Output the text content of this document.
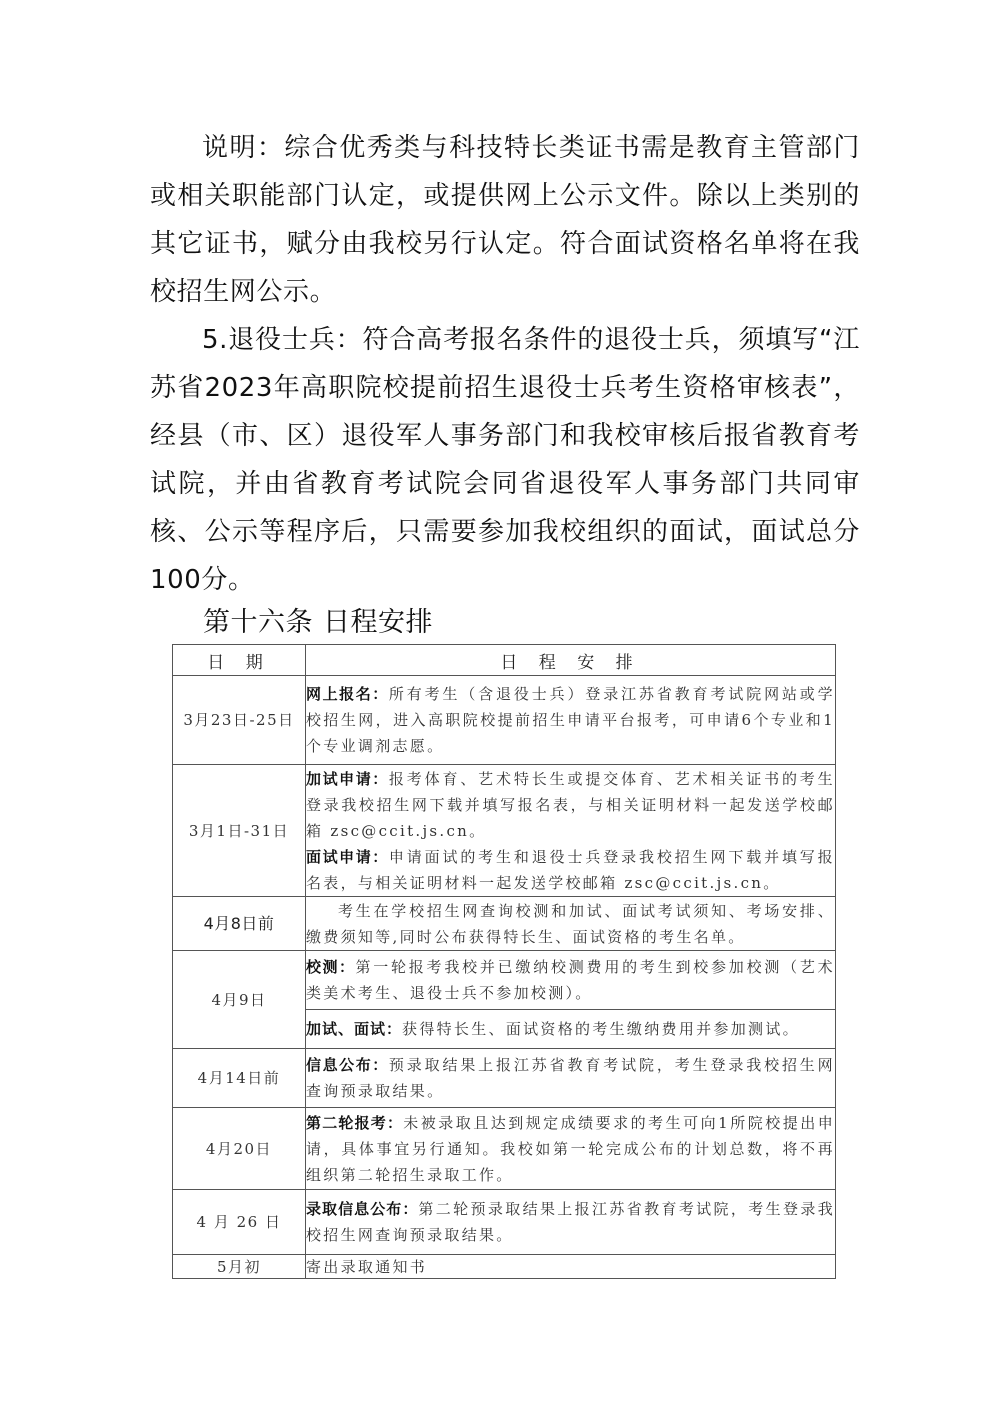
说明：综合优秀类与科技特长类证书需是教育主管部门或相关职能部门认定，或提供网上公示文件。除以上类别的其它证书，赋分由我校另行认定。符合面试资格名单将在我校招生网公示。

5.退役士兵：符合高考报名条件的退役士兵，须填写“江苏省2023年高职院校提前招生退役士兵考生资格审核表”，经县（市、区）退役军人事务部门和我校审核后报省教育考试院，并由省教育考试院会同省退役军人事务部门共同审核、公示等程序后，只需要参加我校组织的面试，面试总分 100分。

第十六条 日程安排
日 期	日 程 安 排
3月23日-25日	网上报名：所有考生（含退役士兵）登录江苏省教育考试院网站或学校招生网，进入高职院校提前招生申请平台报考，可申请6个专业和1个专业调剂志愿。
3月1日-31日	加试申请：报考体育、艺术特长生或提交体育、艺术相关证书的考生登录我校招生网下载并填写报名表，与相关证明材料一起发送学校邮箱 zsc@ccit.js.cn。
面试申请：申请面试的考生和退役士兵登录我校招生网下载并填写报名表，与相关证明材料一起发送学校邮箱 zsc@ccit.js.cn。

4月8日前	考生在学校招生网查询校测和加试、面试考试须知、考场安排、缴费须知等,同时公布获得特长生、面试资格的考生名单。

4月9日	校测：第一轮报考我校并已缴纳校测费用的考生到校参加校测（艺术类美术考生、退役士兵不参加校测）。
	加试、面试：获得特长生、面试资格的考生缴纳费用并参加测试。
4月14日前	信息公布：预录取结果上报江苏省教育考试院，考生登录我校招生网查询预录取结果。
4月20日	第二轮报考：未被录取且达到规定成绩要求的考生可向1所院校提出申请，具体事宜另行通知。我校如第一轮完成公布的计划总数，将不再组织第二轮招生录取工作。
4 月 26 日	录取信息公布：第二轮预录取结果上报江苏省教育考试院，考生登录我校招生网查询预录取结果。
5月初	寄出录取通知书
